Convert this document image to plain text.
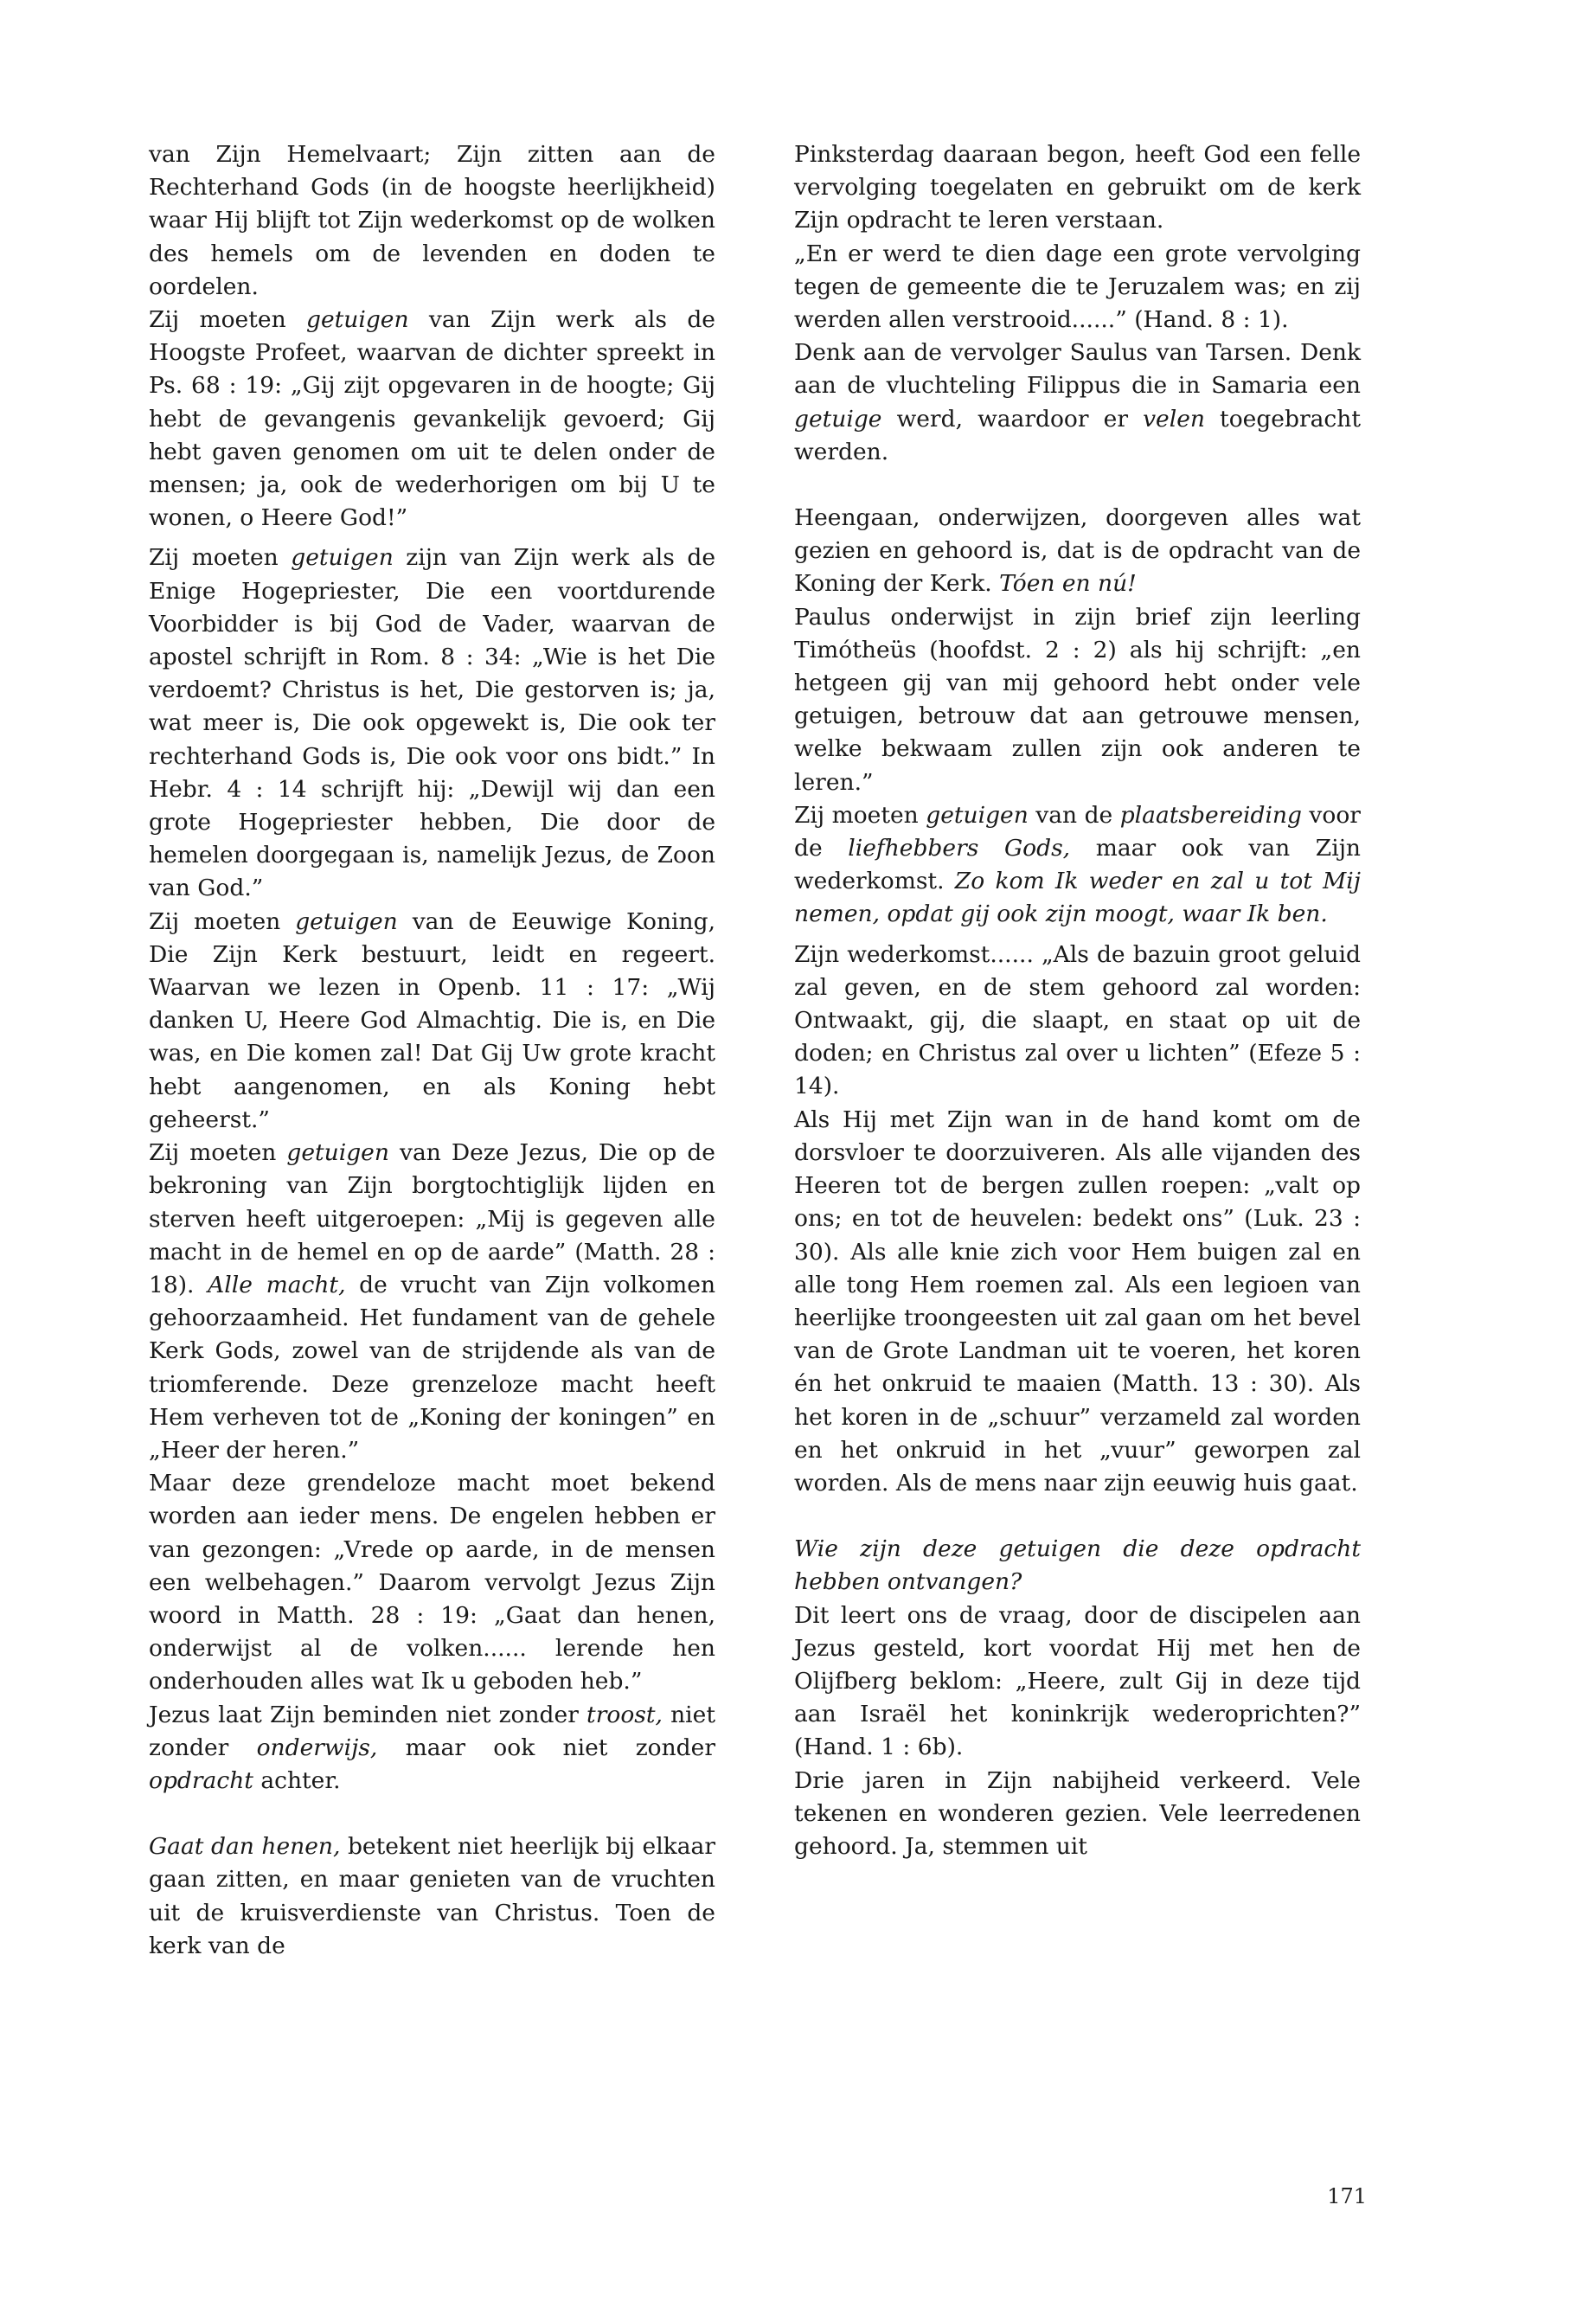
van Zijn Hemelvaart; Zijn zitten aan de Rechterhand Gods (in de hoogste heerlijkheid) waar Hij blijft tot Zijn wederkomst op de wolken des hemels om de levenden en doden te oordelen.

Zij moeten getuigen van Zijn werk als de Hoogste Profeet, waarvan de dichter spreekt in Ps. 68 : 19: „Gij zijt opgevaren in de hoogte; Gij hebt de gevangenis gevankelijk gevoerd; Gij hebt gaven genomen om uit te delen onder de mensen; ja, ook de wederhorigen om bij U te wonen, o Heere God!”

Zij moeten getuigen zijn van Zijn werk als de Enige Hogepriester, Die een voortdurende Voorbidder is bij God de Vader, waarvan de apostel schrijft in Rom. 8 : 34: „Wie is het Die verdoemt? Christus is het, Die gestorven is; ja, wat meer is, Die ook opgewekt is, Die ook ter rechterhand Gods is, Die ook voor ons bidt.” In Hebr. 4 : 14 schrijft hij: „Dewijl wij dan een grote Hogepriester hebben, Die door de hemelen doorgegaan is, namelijk Jezus, de Zoon van God.”

Zij moeten getuigen van de Eeuwige Koning, Die Zijn Kerk bestuurt, leidt en regeert. Waarvan we lezen in Openb. 11 : 17: „Wij danken U, Heere God Almachtig. Die is, en Die was, en Die komen zal! Dat Gij Uw grote kracht hebt aangenomen, en als Koning hebt geheerst.”

Zij moeten getuigen van Deze Jezus, Die op de bekroning van Zijn borgtochtiglijk lijden en sterven heeft uitgeroepen: „Mij is gegeven alle macht in de hemel en op de aarde” (Matth. 28 : 18). Alle macht, de vrucht van Zijn volkomen gehoorzaamheid. Het fundament van de gehele Kerk Gods, zowel van de strijdende als van de triomferende. Deze grenzeloze macht heeft Hem verheven tot de „Koning der koningen” en „Heer der heren.”

Maar deze grendeloze macht moet bekend worden aan ieder mens. De engelen hebben er van gezongen: „Vrede op aarde, in de mensen een welbehagen.” Daarom vervolgt Jezus Zijn woord in Matth. 28 : 19: „Gaat dan henen, onderwijst al de volken...... lerende hen onderhouden alles wat Ik u geboden heb.”

Jezus laat Zijn beminden niet zonder troost, niet zonder onderwijs, maar ook niet zonder opdracht achter.

Gaat dan henen, betekent niet heerlijk bij elkaar gaan zitten, en maar genieten van de vruchten uit de kruisverdienste van Christus. Toen de kerk van de

Pinksterdag daaraan begon, heeft God een felle vervolging toegelaten en gebruikt om de kerk Zijn opdracht te leren verstaan.

„En er werd te dien dage een grote vervolging tegen de gemeente die te Jeruzalem was; en zij werden allen verstrooid......” (Hand. 8 : 1).

Denk aan de vervolger Saulus van Tarsen. Denk aan de vluchteling Filippus die in Samaria een getuige werd, waardoor er velen toegebracht werden.

Heengaan, onderwijzen, doorgeven alles wat gezien en gehoord is, dat is de opdracht van de Koning der Kerk. Tóen en nú!

Paulus onderwijst in zijn brief zijn leerling Timótheüs (hoofdst. 2 : 2) als hij schrijft: „en hetgeen gij van mij gehoord hebt onder vele getuigen, betrouw dat aan getrouwe mensen, welke bekwaam zullen zijn ook anderen te leren.”

Zij moeten getuigen van de plaatsbereiding voor de liefhebbers Gods, maar ook van Zijn wederkomst. Zo kom Ik weder en zal u tot Mij nemen, opdat gij ook zijn moogt, waar Ik ben.

Zijn wederkomst...... „Als de bazuin groot geluid zal geven, en de stem gehoord zal worden: Ontwaakt, gij, die slaapt, en staat op uit de doden; en Christus zal over u lichten” (Efeze 5 : 14).

Als Hij met Zijn wan in de hand komt om de dorsvloer te doorzuiveren. Als alle vijanden des Heeren tot de bergen zullen roepen: „valt op ons; en tot de heuvelen: bedekt ons” (Luk. 23 : 30). Als alle knie zich voor Hem buigen zal en alle tong Hem roemen zal. Als een legioen van heerlijke troongeesten uit zal gaan om het bevel van de Grote Landman uit te voeren, het koren én het onkruid te maaien (Matth. 13 : 30). Als het koren in de „schuur” verzameld zal worden en het onkruid in het „vuur” geworpen zal worden. Als de mens naar zijn eeuwig huis gaat.

Wie zijn deze getuigen die deze opdracht hebben ontvangen?

Dit leert ons de vraag, door de discipelen aan Jezus gesteld, kort voordat Hij met hen de Olijfberg beklom: „Heere, zult Gij in deze tijd aan Israël het koninkrijk wederoprichten?” (Hand. 1 : 6b).

Drie jaren in Zijn nabijheid verkeerd. Vele tekenen en wonderen gezien. Vele leerredenen gehoord. Ja, stemmen uit

171
